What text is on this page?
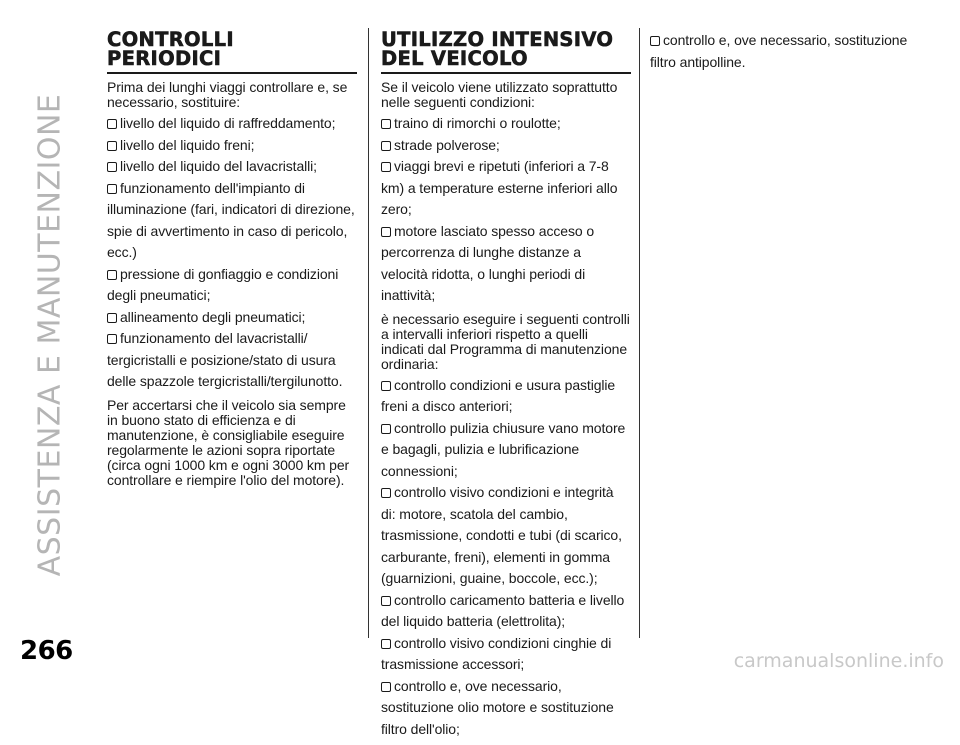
ASSISTENZA E MANUTENZIONE
266	carmanualsonline.info
CONTROLLI
PERIODICI

Prima dei lunghi viaggi controllare e, se necessario, sostituire:

livello del liquido di raffreddamento;

livello del liquido freni;

livello del liquido del lavacristalli;

funzionamento dell'impianto di illuminazione (fari, indicatori di direzione, spie di avvertimento in caso di pericolo, ecc.)

pressione di gonfiaggio e condizioni degli pneumatici;

allineamento degli pneumatici;

funzionamento del lavacristalli/ tergicristalli e posizione/stato di usura delle spazzole tergicristalli/tergilunotto.

Per accertarsi che il veicolo sia sempre in buono stato di efficienza e di manutenzione, è consigliabile eseguire regolarmente le azioni sopra riportate (circa ogni 1000 km e ogni 3000 km per controllare e riempire l'olio del motore).

UTILIZZO INTENSIVO
DEL VEICOLO

Se il veicolo viene utilizzato soprattutto nelle seguenti condizioni:

traino di rimorchi o roulotte;

strade polverose;

viaggi brevi e ripetuti (inferiori a 7-8 km) a temperature esterne inferiori allo zero;

motore lasciato spesso acceso o percorrenza di lunghe distanze a velocità ridotta, o lunghi periodi di inattività;

è necessario eseguire i seguenti controlli a intervalli inferiori rispetto a quelli indicati dal Programma di manutenzione ordinaria:

controllo condizioni e usura pastiglie freni a disco anteriori;

controllo pulizia chiusure vano motore e bagagli, pulizia e lubrificazione connessioni;

controllo visivo condizioni e integrità di: motore, scatola del cambio, trasmissione, condotti e tubi (di scarico, carburante, freni), elementi in gomma (guarnizioni, guaine, boccole, ecc.);

controllo caricamento batteria e livello del liquido batteria (elettrolita);

controllo visivo condizioni cinghie di trasmissione accessori;

controllo e, ove necessario, sostituzione olio motore e sostituzione filtro dell'olio;

controllo e, ove necessario, sostituzione filtro antipolline.
